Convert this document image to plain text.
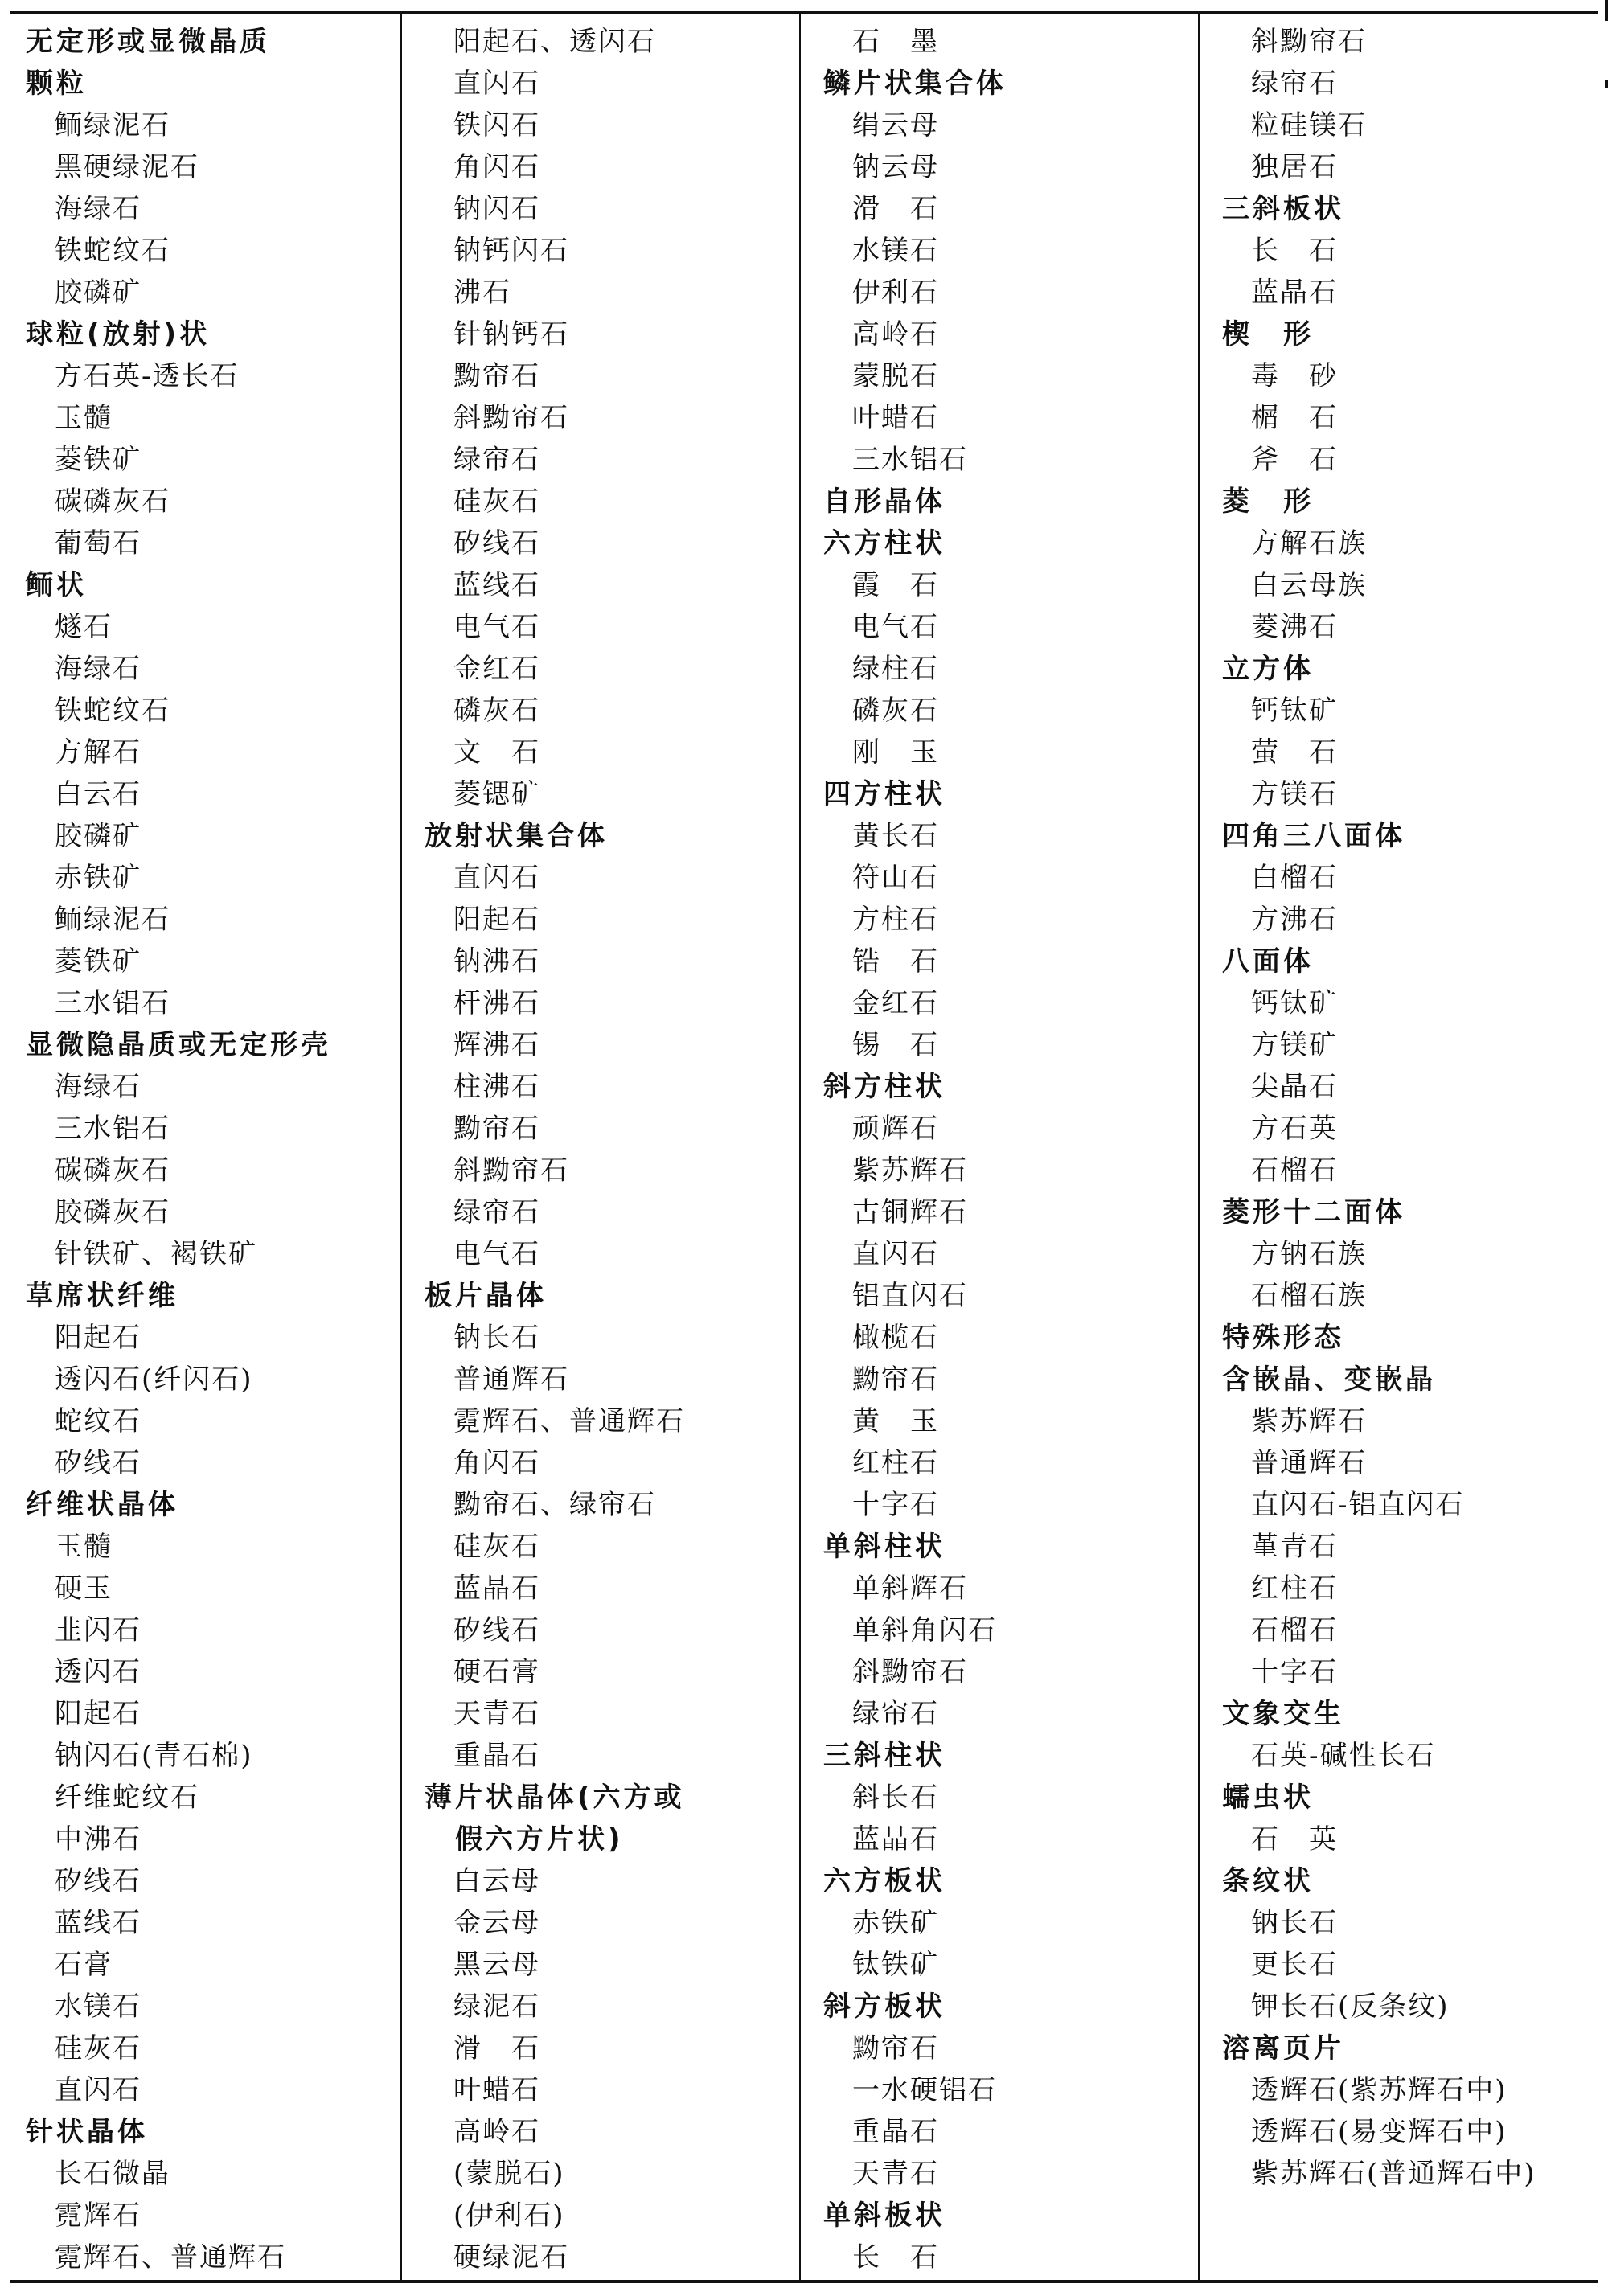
无定形或显微晶质
颗粒
鲕绿泥石
黑硬绿泥石
海绿石
铁蛇纹石
胶磷矿
球粒(放射)状
方石英-透长石
玉髓
菱铁矿
碳磷灰石
葡萄石
鲕状
燧石
海绿石
铁蛇纹石
方解石
白云石
胶磷矿
赤铁矿
鲕绿泥石
菱铁矿
三水铝石
显微隐晶质或无定形壳
海绿石
三水铝石
碳磷灰石
胶磷灰石
针铁矿、褐铁矿
草席状纤维
阳起石
透闪石(纤闪石)
蛇纹石
矽线石
纤维状晶体
玉髓
硬玉
韭闪石
透闪石
阳起石
钠闪石(青石棉)
纤维蛇纹石
中沸石
矽线石
蓝线石
石膏
水镁石
硅灰石
直闪石
针状晶体
长石微晶
霓辉石
霓辉石、普通辉石
阳起石、透闪石
直闪石
铁闪石
角闪石
钠闪石
钠钙闪石
沸石
针钠钙石
黝帘石
斜黝帘石
绿帘石
硅灰石
矽线石
蓝线石
电气石
金红石
磷灰石
文　石
菱锶矿
放射状集合体
直闪石
阳起石
钠沸石
杆沸石
辉沸石
柱沸石
黝帘石
斜黝帘石
绿帘石
电气石
板片晶体
钠长石
普通辉石
霓辉石、普通辉石
角闪石
黝帘石、绿帘石
硅灰石
蓝晶石
矽线石
硬石膏
天青石
重晶石
薄片状晶体(六方或
　假六方片状)
白云母
金云母
黑云母
绿泥石
滑　石
叶蜡石
高岭石
(蒙脱石)
(伊利石)
硬绿泥石
石　墨
鳞片状集合体
绢云母
钠云母
滑　石
水镁石
伊利石
高岭石
蒙脱石
叶蜡石
三水铝石
自形晶体
六方柱状
霞　石
电气石
绿柱石
磷灰石
刚　玉
四方柱状
黄长石
符山石
方柱石
锆　石
金红石
锡　石
斜方柱状
顽辉石
紫苏辉石
古铜辉石
直闪石
铝直闪石
橄榄石
黝帘石
黄　玉
红柱石
十字石
单斜柱状
单斜辉石
单斜角闪石
斜黝帘石
绿帘石
三斜柱状
斜长石
蓝晶石
六方板状
赤铁矿
钛铁矿
斜方板状
黝帘石
一水硬铝石
重晶石
天青石
单斜板状
长　石
斜黝帘石
绿帘石
粒硅镁石
独居石
三斜板状
长　石
蓝晶石
楔　形
毒　砂
榍　石
斧　石
菱　形
方解石族
白云母族
菱沸石
立方体
钙钛矿
萤　石
方镁石
四角三八面体
白榴石
方沸石
八面体
钙钛矿
方镁矿
尖晶石
方石英
石榴石
菱形十二面体
方钠石族
石榴石族
特殊形态
含嵌晶、变嵌晶
紫苏辉石
普通辉石
直闪石-铝直闪石
堇青石
红柱石
石榴石
十字石
文象交生
石英-碱性长石
蠕虫状
石　英
条纹状
钠长石
更长石
钾长石(反条纹)
溶离页片
透辉石(紫苏辉石中)
透辉石(易变辉石中)
紫苏辉石(普通辉石中)
